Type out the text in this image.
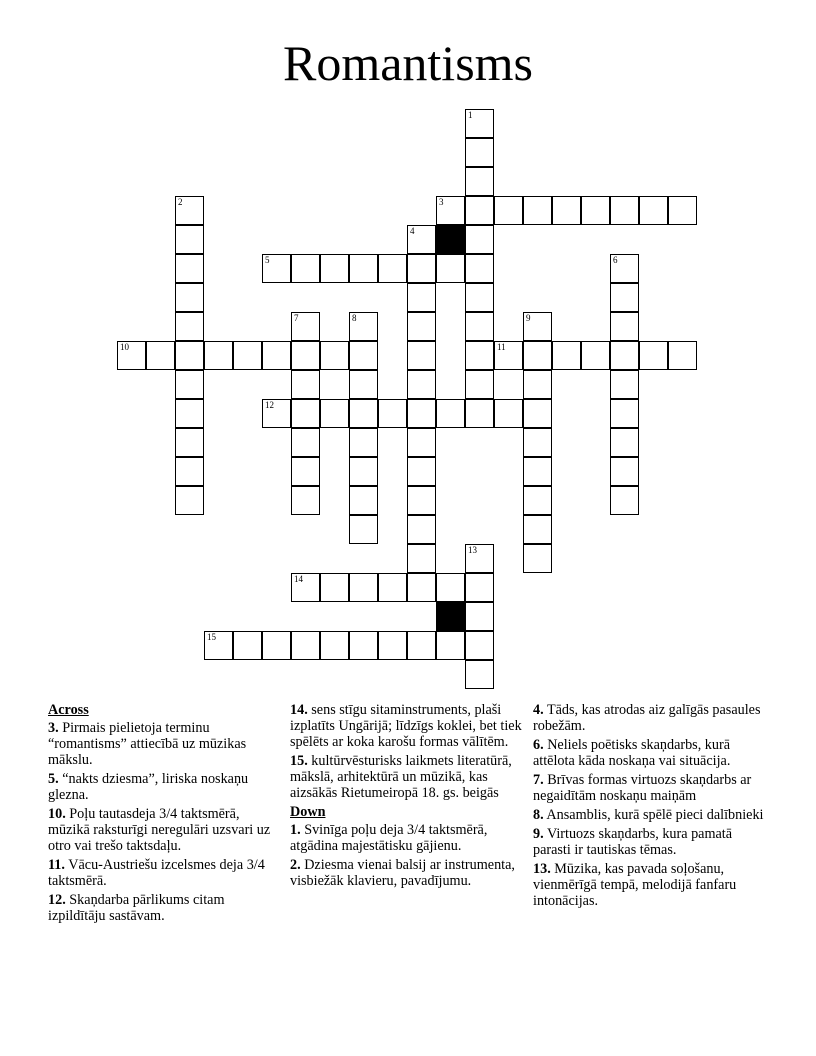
Romantisms
1
2	3
4
5	6
7	8	9
10	11
12
13
14
15
Across
3. Pirmais pielietoja terminu “romantisms” attiecībā uz mūzikas mākslu.
5. “nakts dziesma”, liriska noskaņu glezna.
10. Poļu tautasdeja 3/4 taktsmērā, mūzikā raksturīgi neregulāri uzsvari uz otro vai trešo taktsdaļu.
11. Vācu-Austriešu izcelsmes deja 3/4 taktsmērā.
12. Skaņdarba pārlikums citam izpildītāju sastāvam.
14. sens stīgu sitaminstruments, plaši izplatīts Ungārijā; līdzīgs koklei, bet tiek spēlēts ar koka karošu formas vālītēm.
15. kultūrvēsturisks laikmets literatūrā, mākslā, arhitektūrā un mūzikā, kas aizsākās Rietumeiropā 18. gs. beigās
Down
1. Svinīga poļu deja 3/4 taktsmērā, atgādina majestātisku gājienu.
2. Dziesma vienai balsij ar instrumenta, visbiežāk klavieru, pavadījumu.
4. Tāds, kas atrodas aiz galīgās pasaules robežām.
6. Neliels poētisks skaņdarbs, kurā attēlota kāda noskaņa vai situācija.
7. Brīvas formas virtuozs skaņdarbs ar negaidītām noskaņu maiņām
8. Ansamblis, kurā spēlē pieci dalībnieki
9. Virtuozs skaņdarbs, kura pamatā parasti ir tautiskas tēmas.
13. Mūzika, kas pavada soļošanu, vienmērīgā tempā, melodijā fanfaru intonācijas.
